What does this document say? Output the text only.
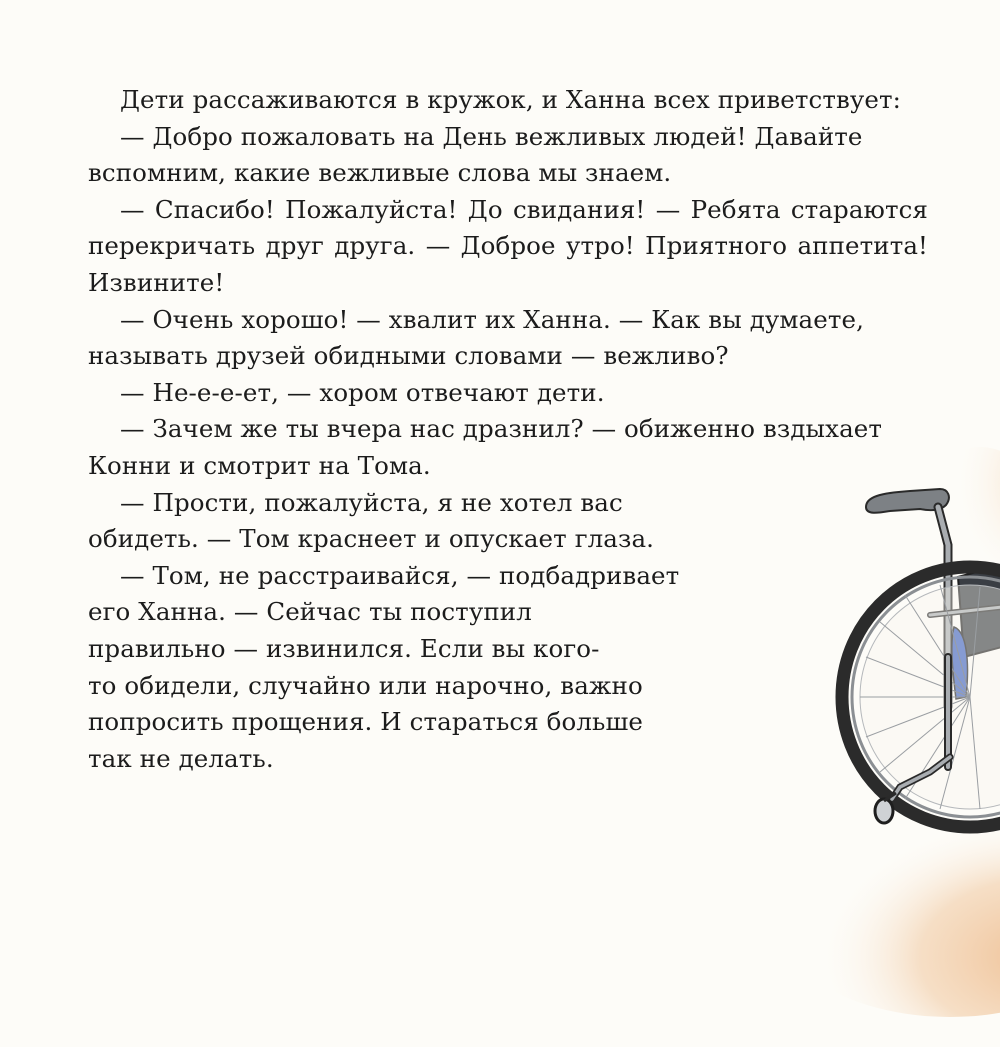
Дети рассаживаются в кружок, и Ханна всех приветствует:
— Добро пожаловать на День вежливых людей! Давайте
вспомним, какие вежливые слова мы знаем.
— Спасибо! Пожалуйста! До свидания! — Ребята стараются
перекричать друг друга. — Доброе утро! Приятного аппетита!
Извините!
— Очень хорошо! — хвалит их Ханна. — Как вы думаете,
называть друзей обидными словами — вежливо?
— Не-е-е-ет, — хором отвечают дети.
— Зачем же ты вчера нас дразнил? — обиженно вздыхает
Конни и смотрит на Тома.
— Прости, пожалуйста, я не хотел вас
обидеть. — Том краснеет и опускает глаза.
— Том, не расстраивайся, — подбадривает
его Ханна. — Сейчас ты поступил
правильно — извинился. Если вы кого-
то обидели, случайно или нарочно, важно
попросить прощения. И стараться больше
так не делать.
